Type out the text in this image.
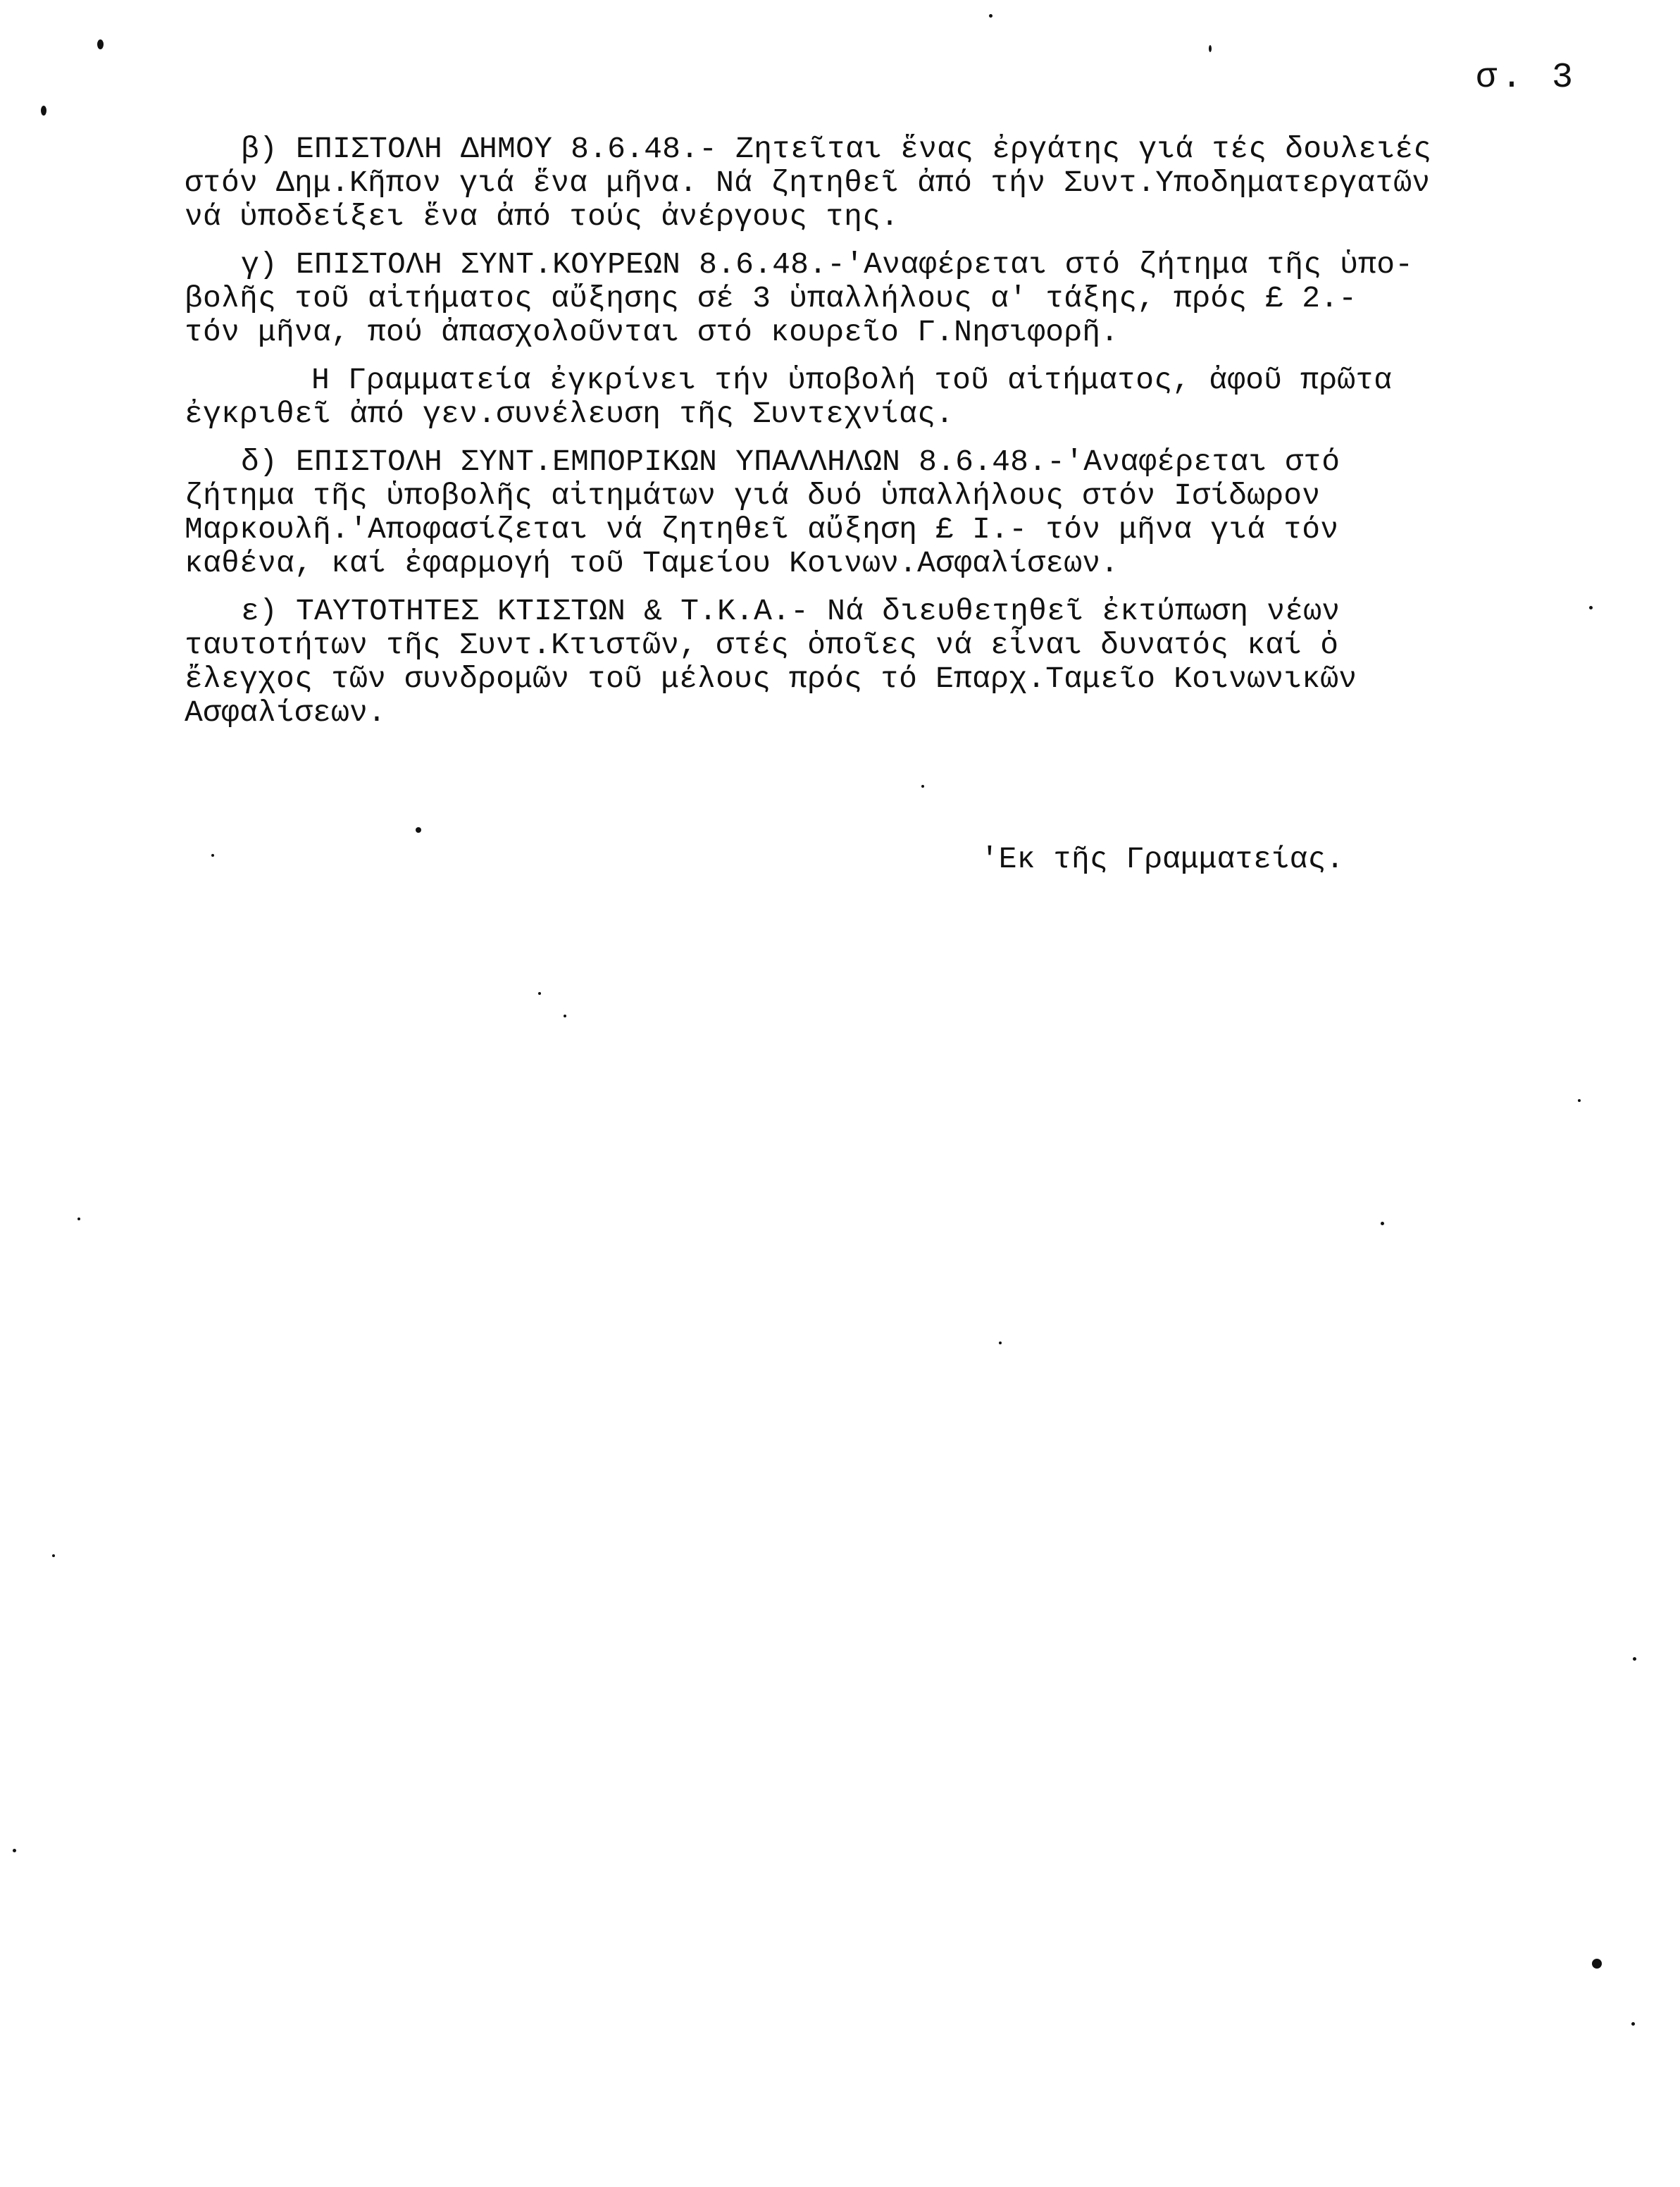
σ. 3
β) ΕΠΙΣΤΟΛΗ ΔΗΜΟΥ 8.6.48.- Ζητεῖται ἕνας ἐργάτης γιά τές δουλειές
στόν Δημ.Κῆπον γιά ἕνα μῆνα. Νά ζητηθεῖ ἀπό τήν Συντ.Υποδηματεργατῶν
νά ὑποδείξει ἕνα ἀπό τούς ἀνέργους της.
γ) ΕΠΙΣΤΟΛΗ ΣΥΝΤ.ΚΟΥΡΕΩΝ 8.6.48.-'Αναφέρεται στό ζήτημα τῆς ὑπο-
βολῆς τοῦ αἰτήματος αὔξησης σέ 3 ὑπαλλήλους α' τάξης, πρός £ 2.-
τόν μῆνα, πού ἀπασχολοῦνται στό κουρεῖο Γ.Νησιφορῆ.
Η Γραμματεία ἐγκρίνει τήν ὑποβολή τοῦ αἰτήματος, ἀφοῦ πρῶτα
ἐγκριθεῖ ἀπό γεν.συνέλευση τῆς Συντεχνίας.
δ) ΕΠΙΣΤΟΛΗ ΣΥΝΤ.ΕΜΠΟΡΙΚΩΝ ΥΠΑΛΛΗΛΩΝ 8.6.48.-'Αναφέρεται στό
ζήτημα τῆς ὑποβολῆς αἰτημάτων γιά δυό ὑπαλλήλους στόν Ισίδωρον
Μαρκουλῆ.'Αποφασίζεται νά ζητηθεῖ αὔξηση £ Ι.- τόν μῆνα γιά τόν
καθένα, καί ἐφαρμογή τοῦ Ταμείου Κοινων.Ασφαλίσεων.
ε) ΤΑΥΤΟΤΗΤΕΣ ΚΤΙΣΤΩΝ & Τ.Κ.Α.- Νά διευθετηθεῖ ἐκτύπωση νέων
ταυτοτήτων τῆς Συντ.Κτιστῶν, στές ὁποῖες νά εἶναι δυνατός καί ὁ
ἔλεγχος τῶν συνδρομῶν τοῦ μέλους πρός τό Επαρχ.Ταμεῖο Κοινωνικῶν
Ασφαλίσεων.
'Εκ τῆς Γραμματείας.
